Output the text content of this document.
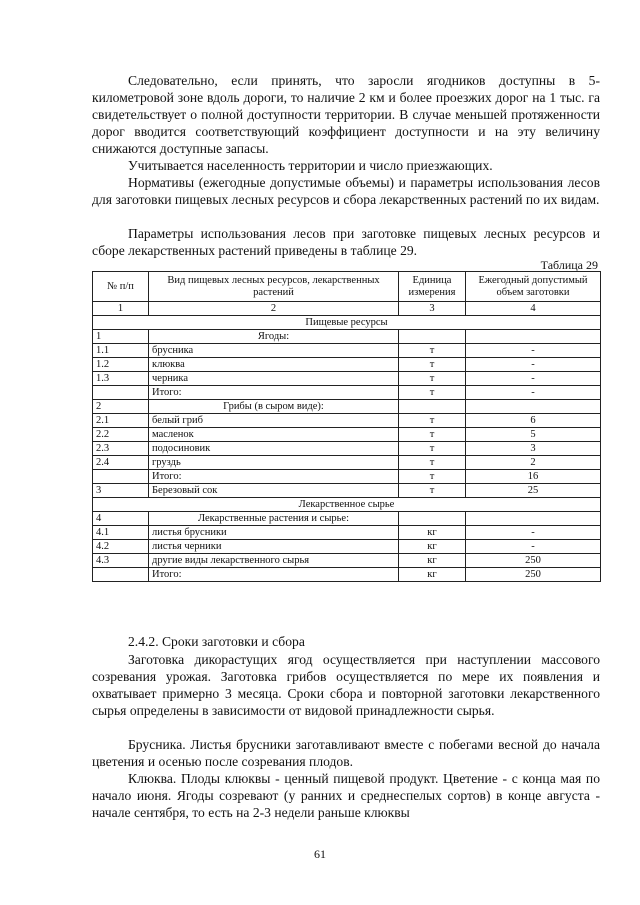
Следовательно, если принять, что заросли ягодников доступны в 5-километровой зоне вдоль дороги, то наличие 2 км и более проезжих дорог на 1 тыс. га свидетельствует о полной доступности территории. В случае меньшей протяженности дорог вводится соответствующий коэффициент доступности и на эту величину снижаются доступные запасы.

Учитывается населенность территории и число приезжающих.

Нормативы (ежегодные допустимые объемы) и параметры использования лесов для заготовки пищевых лесных ресурсов и сбора лекарственных растений по их видам.

Параметры использования лесов при заготовке пищевых лесных ресурсов и сборе лекарственных растений приведены в таблице 29.

Таблица 29
№ п/п	Вид пищевых лесных ресурсов, лекарственных растений	Единица измерения	Ежегодный допустимый объем заготовки
1	2	3	4
Пищевые ресурсы			
1	Ягоды:		
1.1	брусника	т	-
1.2	клюква	т	-
1.3	черника	т	-
	Итого:	т	-
2	Грибы (в сыром виде):		
2.1	белый гриб	т	6
2.2	масленок	т	5
2.3	подосиновик	т	3
2.4	груздь	т	2
	Итого:	т	16
3	Березовый сок	т	25
Лекарственное сырье			
4	Лекарственные растения и сырье:		
4.1	листья брусники	кг	-
4.2	листья черники	кг	-
4.3	другие виды лекарственного сырья	кг	250
	Итого:	кг	250

2.4.2. Сроки заготовки и сбора

Заготовка дикорастущих ягод осуществляется при наступлении массового созревания урожая. Заготовка грибов осуществляется по мере их появления и охватывает примерно 3 месяца. Сроки сбора и повторной заготовки лекарственного сырья определены в зависимости от видовой принадлежности сырья.

Брусника. Листья брусники заготавливают вместе с побегами весной до начала цветения и осенью после созревания плодов.

Клюква. Плоды клюквы - ценный пищевой продукт. Цветение - с конца мая по начало июня. Ягоды созревают (у ранних и среднеспелых сортов) в конце августа - начале сентября, то есть на 2-3 недели раньше клюквы

61
